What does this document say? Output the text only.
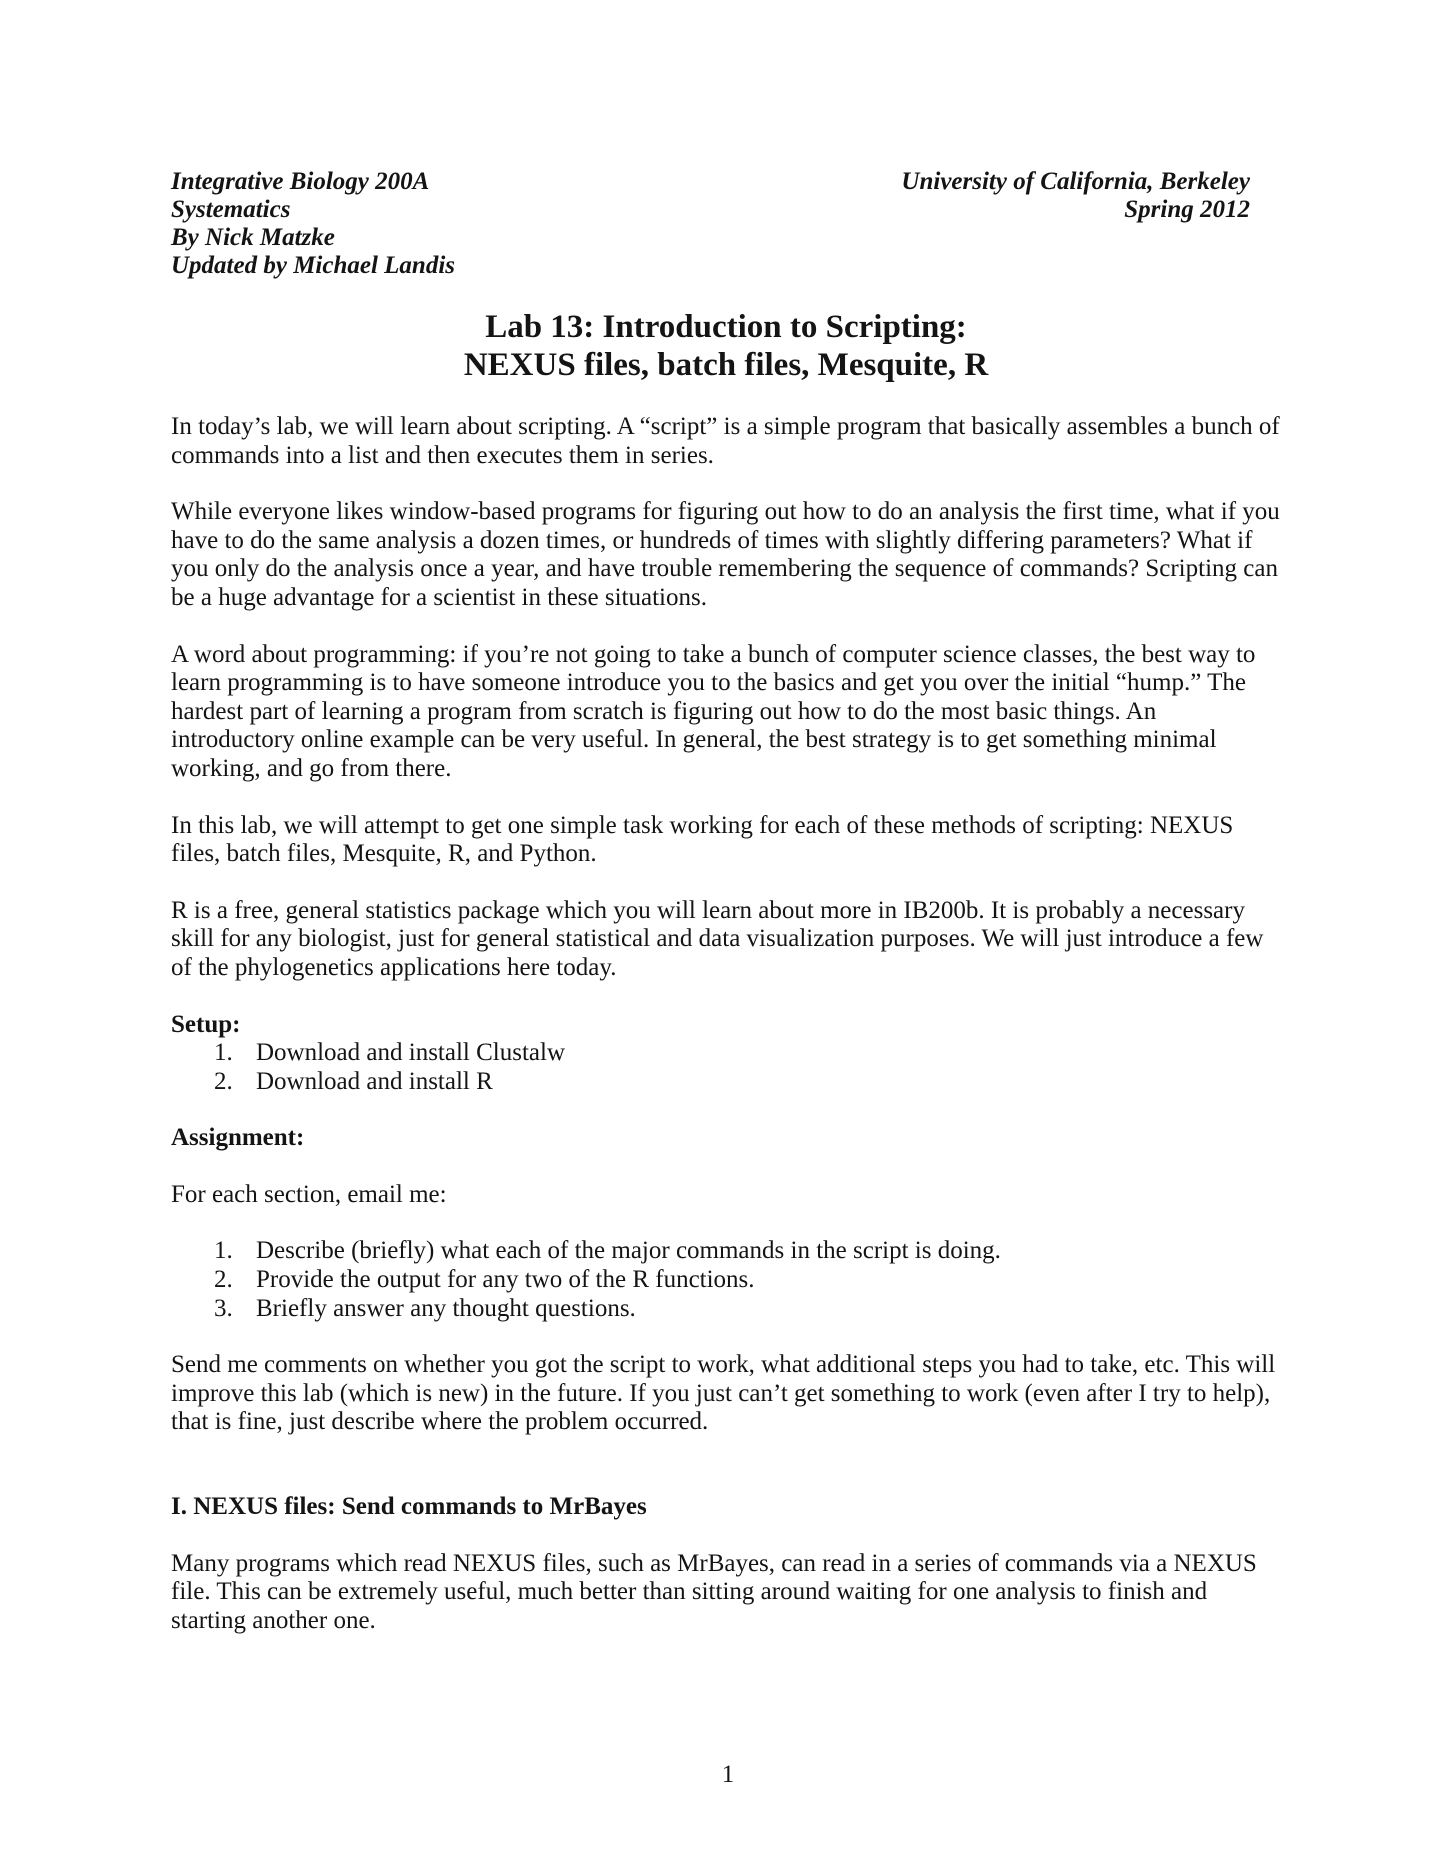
Integrative Biology 200A
Systematics
By Nick Matzke
Updated by Michael Landis
University of California, Berkeley
Spring 2012
Lab 13: Introduction to Scripting:
NEXUS files, batch files, Mesquite, R

In today’s lab, we will learn about scripting. A “script” is a simple program that basically assembles a bunch of commands into a list and then executes them in series.

While everyone likes window-based programs for figuring out how to do an analysis the first time, what if you have to do the same analysis a dozen times, or hundreds of times with slightly differing parameters? What if you only do the analysis once a year, and have trouble remembering the sequence of commands? Scripting can be a huge advantage for a scientist in these situations.

A word about programming: if you’re not going to take a bunch of computer science classes, the best way to learn programming is to have someone introduce you to the basics and get you over the initial “hump.” The hardest part of learning a program from scratch is figuring out how to do the most basic things. An introductory online example can be very useful. In general, the best strategy is to get something minimal working, and go from there.

In this lab, we will attempt to get one simple task working for each of these methods of scripting: NEXUS files, batch files, Mesquite, R, and Python.

R is a free, general statistics package which you will learn about more in IB200b. It is probably a necessary skill for any biologist, just for general statistical and data visualization purposes. We will just introduce a few of the phylogenetics applications here today.

Setup:
1. Download and install Clustalw
2. Download and install R

Assignment:

For each section, email me:

1. Describe (briefly) what each of the major commands in the script is doing.
2. Provide the output for any two of the R functions.
3. Briefly answer any thought questions.

Send me comments on whether you got the script to work, what additional steps you had to take, etc. This will improve this lab (which is new) in the future. If you just can’t get something to work (even after I try to help), that is fine, just describe where the problem occurred.

I. NEXUS files: Send commands to MrBayes

Many programs which read NEXUS files, such as MrBayes, can read in a series of commands via a NEXUS file. This can be extremely useful, much better than sitting around waiting for one analysis to finish and starting another one.

1
